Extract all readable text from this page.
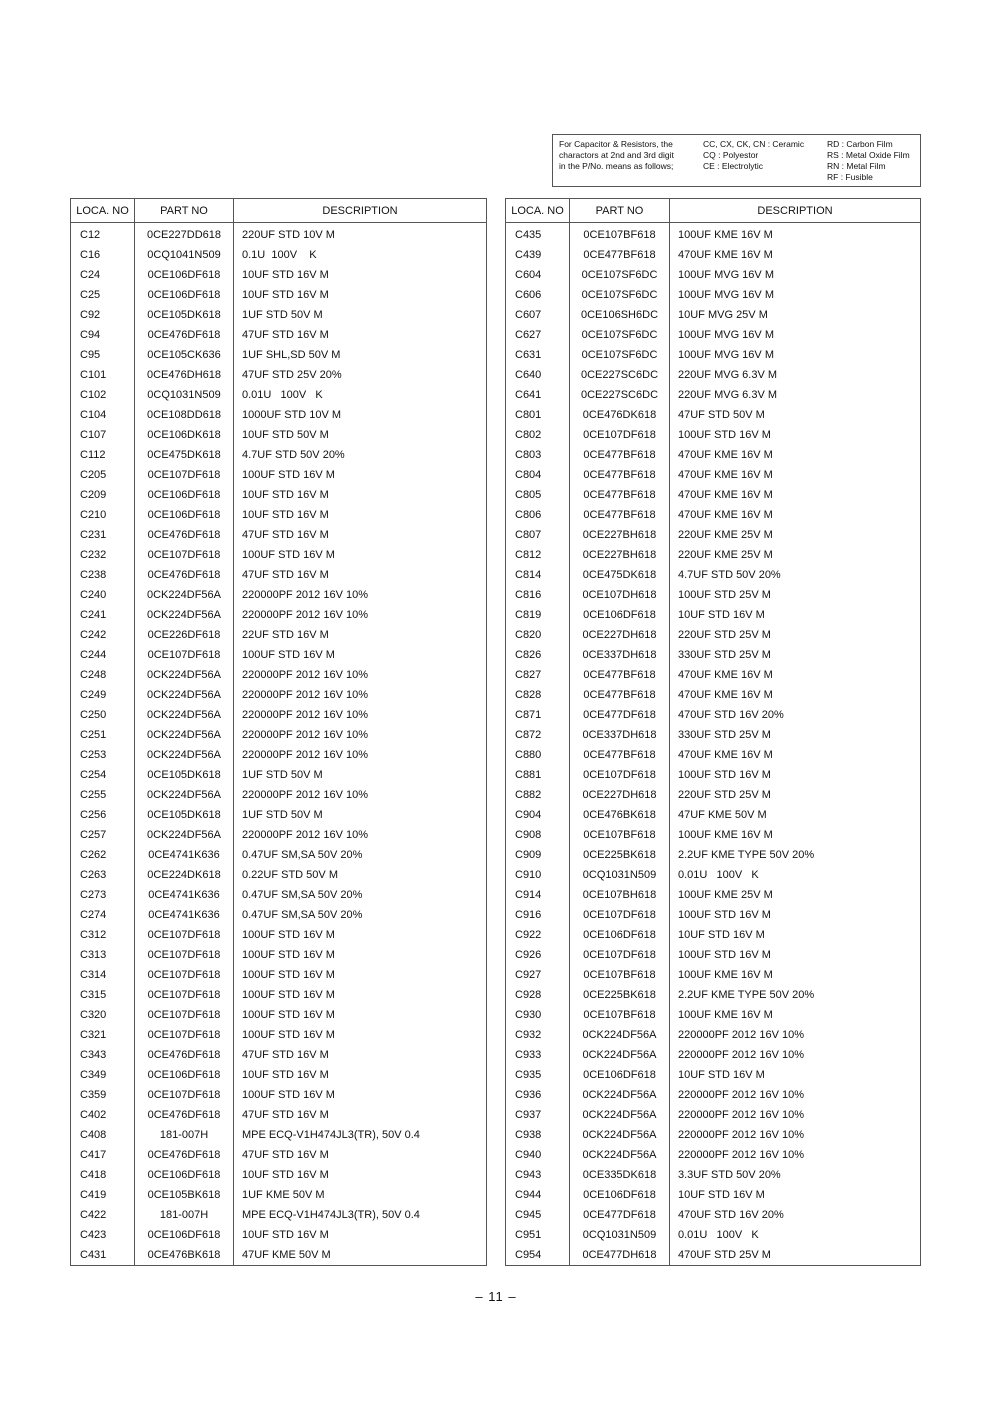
For Capacitor & Resistors, the
charactors at 2nd and 3rd digit
in the P/No. means as follows;
CC, CX, CK, CN : Ceramic
CQ : Polyestor
CE : Electrolytic
RD : Carbon Film
RS : Metal Oxide Film
RN : Metal Film
RF : Fusible
LOCA. NO	PART NO	DESCRIPTION
C12	0CE227DD618	220UF STD 10V M
C16	0CQ1041N509	0.1U  100V    K
C24	0CE106DF618	10UF STD 16V M
C25	0CE106DF618	10UF STD 16V M
C92	0CE105DK618	1UF STD 50V M
C94	0CE476DF618	47UF STD 16V M
C95	0CE105CK636	1UF SHL,SD 50V M
C101	0CE476DH618	47UF STD 25V 20%
C102	0CQ1031N509	0.01U   100V   K
C104	0CE108DD618	1000UF STD 10V M
C107	0CE106DK618	10UF STD 50V M
C112	0CE475DK618	4.7UF STD 50V 20%
C205	0CE107DF618	100UF STD 16V M
C209	0CE106DF618	10UF STD 16V M
C210	0CE106DF618	10UF STD 16V M
C231	0CE476DF618	47UF STD 16V M
C232	0CE107DF618	100UF STD 16V M
C238	0CE476DF618	47UF STD 16V M
C240	0CK224DF56A	220000PF 2012 16V 10%
C241	0CK224DF56A	220000PF 2012 16V 10%
C242	0CE226DF618	22UF STD 16V M
C244	0CE107DF618	100UF STD 16V M
C248	0CK224DF56A	220000PF 2012 16V 10%
C249	0CK224DF56A	220000PF 2012 16V 10%
C250	0CK224DF56A	220000PF 2012 16V 10%
C251	0CK224DF56A	220000PF 2012 16V 10%
C253	0CK224DF56A	220000PF 2012 16V 10%
C254	0CE105DK618	1UF STD 50V M
C255	0CK224DF56A	220000PF 2012 16V 10%
C256	0CE105DK618	1UF STD 50V M
C257	0CK224DF56A	220000PF 2012 16V 10%
C262	0CE4741K636	0.47UF SM,SA 50V 20%
C263	0CE224DK618	0.22UF STD 50V M
C273	0CE4741K636	0.47UF SM,SA 50V 20%
C274	0CE4741K636	0.47UF SM,SA 50V 20%
C312	0CE107DF618	100UF STD 16V M
C313	0CE107DF618	100UF STD 16V M
C314	0CE107DF618	100UF STD 16V M
C315	0CE107DF618	100UF STD 16V M
C320	0CE107DF618	100UF STD 16V M
C321	0CE107DF618	100UF STD 16V M
C343	0CE476DF618	47UF STD 16V M
C349	0CE106DF618	10UF STD 16V M
C359	0CE107DF618	100UF STD 16V M
C402	0CE476DF618	47UF STD 16V M
C408	181-007H	MPE ECQ-V1H474JL3(TR), 50V 0.4
C417	0CE476DF618	47UF STD 16V M
C418	0CE106DF618	10UF STD 16V M
C419	0CE105BK618	1UF KME 50V M
C422	181-007H	MPE ECQ-V1H474JL3(TR), 50V 0.4
C423	0CE106DF618	10UF STD 16V M
C431	0CE476BK618	47UF KME 50V M
LOCA. NO	PART NO	DESCRIPTION
C435	0CE107BF618	100UF KME 16V M
C439	0CE477BF618	470UF KME 16V M
C604	0CE107SF6DC	100UF MVG 16V M
C606	0CE107SF6DC	100UF MVG 16V M
C607	0CE106SH6DC	10UF MVG 25V M
C627	0CE107SF6DC	100UF MVG 16V M
C631	0CE107SF6DC	100UF MVG 16V M
C640	0CE227SC6DC	220UF MVG 6.3V M
C641	0CE227SC6DC	220UF MVG 6.3V M
C801	0CE476DK618	47UF STD 50V M
C802	0CE107DF618	100UF STD 16V M
C803	0CE477BF618	470UF KME 16V M
C804	0CE477BF618	470UF KME 16V M
C805	0CE477BF618	470UF KME 16V M
C806	0CE477BF618	470UF KME 16V M
C807	0CE227BH618	220UF KME 25V M
C812	0CE227BH618	220UF KME 25V M
C814	0CE475DK618	4.7UF STD 50V 20%
C816	0CE107DH618	100UF STD 25V M
C819	0CE106DF618	10UF STD 16V M
C820	0CE227DH618	220UF STD 25V M
C826	0CE337DH618	330UF STD 25V M
C827	0CE477BF618	470UF KME 16V M
C828	0CE477BF618	470UF KME 16V M
C871	0CE477DF618	470UF STD 16V 20%
C872	0CE337DH618	330UF STD 25V M
C880	0CE477BF618	470UF KME 16V M
C881	0CE107DF618	100UF STD 16V M
C882	0CE227DH618	220UF STD 25V M
C904	0CE476BK618	47UF KME 50V M
C908	0CE107BF618	100UF KME 16V M
C909	0CE225BK618	2.2UF KME TYPE 50V 20%
C910	0CQ1031N509	0.01U   100V   K
C914	0CE107BH618	100UF KME 25V M
C916	0CE107DF618	100UF STD 16V M
C922	0CE106DF618	10UF STD 16V M
C926	0CE107DF618	100UF STD 16V M
C927	0CE107BF618	100UF KME 16V M
C928	0CE225BK618	2.2UF KME TYPE 50V 20%
C930	0CE107BF618	100UF KME 16V M
C932	0CK224DF56A	220000PF 2012 16V 10%
C933	0CK224DF56A	220000PF 2012 16V 10%
C935	0CE106DF618	10UF STD 16V M
C936	0CK224DF56A	220000PF 2012 16V 10%
C937	0CK224DF56A	220000PF 2012 16V 10%
C938	0CK224DF56A	220000PF 2012 16V 10%
C940	0CK224DF56A	220000PF 2012 16V 10%
C943	0CE335DK618	3.3UF STD 50V 20%
C944	0CE106DF618	10UF STD 16V M
C945	0CE477DF618	470UF STD 16V 20%
C951	0CQ1031N509	0.01U   100V   K
C954	0CE477DH618	470UF STD 25V M
– 11 –
